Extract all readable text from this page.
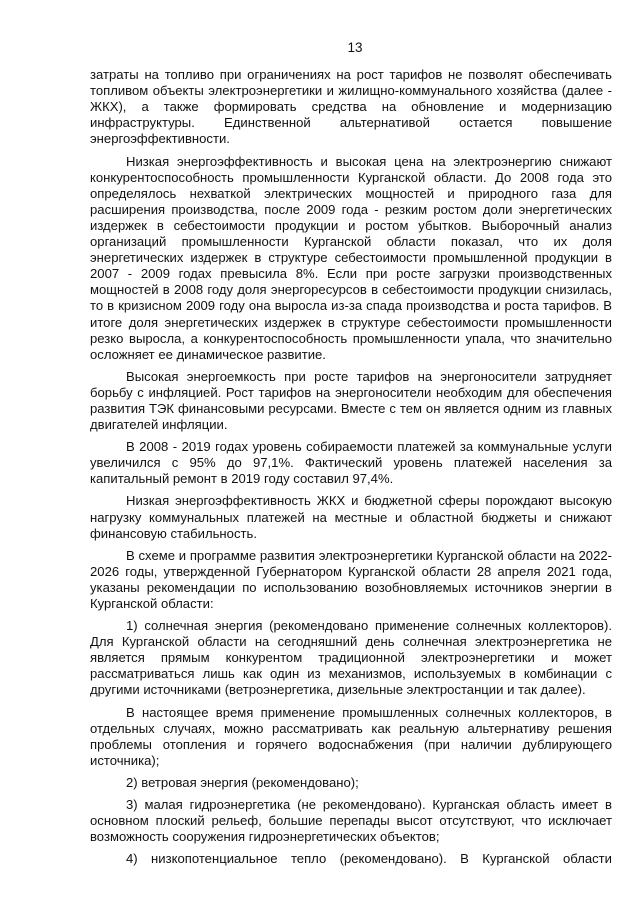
13

затраты на топливо при ограничениях на рост тарифов не позволят обеспечивать топливом объекты электроэнергетики и жилищно-коммунального хозяйства (далее - ЖКХ), а также формировать средства на обновление и модернизацию инфраструктуры. Единственной альтернативой остается повышение энергоэффективности.

Низкая энергоэффективность и высокая цена на электроэнергию снижают конкурентоспособность промышленности Курганской области. До 2008 года это определялось нехваткой электрических мощностей и природного газа для расширения производства, после 2009 года - резким ростом доли энергетических издержек в себестоимости продукции и ростом убытков. Выборочный анализ организаций промышленности Курганской области показал, что их доля энергетических издержек в структуре себестоимости промышленной продукции в 2007 - 2009 годах превысила 8%. Если при росте загрузки производственных мощностей в 2008 году доля энергоресурсов в себестоимости продукции снизилась, то в кризисном 2009 году она выросла из-за спада производства и роста тарифов. В итоге доля энергетических издержек в структуре себестоимости промышленности резко выросла, а конкурентоспособность промышленности упала, что значительно осложняет ее динамическое развитие.

Высокая энергоемкость при росте тарифов на энергоносители затрудняет борьбу с инфляцией. Рост тарифов на энергоносители необходим для обеспечения развития ТЭК финансовыми ресурсами. Вместе с тем он является одним из главных двигателей инфляции.

В 2008 - 2019 годах уровень собираемости платежей за коммунальные услуги увеличился с 95% до 97,1%. Фактический уровень платежей населения за капитальный ремонт в 2019 году составил 97,4%.

Низкая энергоэффективность ЖКХ и бюджетной сферы порождают высокую нагрузку коммунальных платежей на местные и областной бюджеты и снижают финансовую стабильность.

В схеме и программе развития электроэнергетики Курганской области на 2022-2026 годы, утвержденной Губернатором Курганской области 28 апреля 2021 года, указаны рекомендации по использованию возобновляемых источников энергии в Курганской области:

1) солнечная энергия (рекомендовано применение солнечных коллекторов). Для Курганской области на сегодняшний день солнечная электроэнергетика не является прямым конкурентом традиционной электроэнергетики и может рассматриваться лишь как один из механизмов, используемых в комбинации с другими источниками (ветроэнергетика, дизельные электростанции и так далее).

В настоящее время применение промышленных солнечных коллекторов, в отдельных случаях, можно рассматривать как реальную альтернативу решения проблемы отопления и горячего водоснабжения (при наличии дублирующего источника);

2) ветровая энергия (рекомендовано);

3) малая гидроэнергетика (не рекомендовано). Курганская область имеет в основном плоский рельеф, большие перепады высот отсутствуют, что исключает возможность сооружения гидроэнергетических объектов;

4) низкопотенциальное тепло (рекомендовано). В Курганской области
